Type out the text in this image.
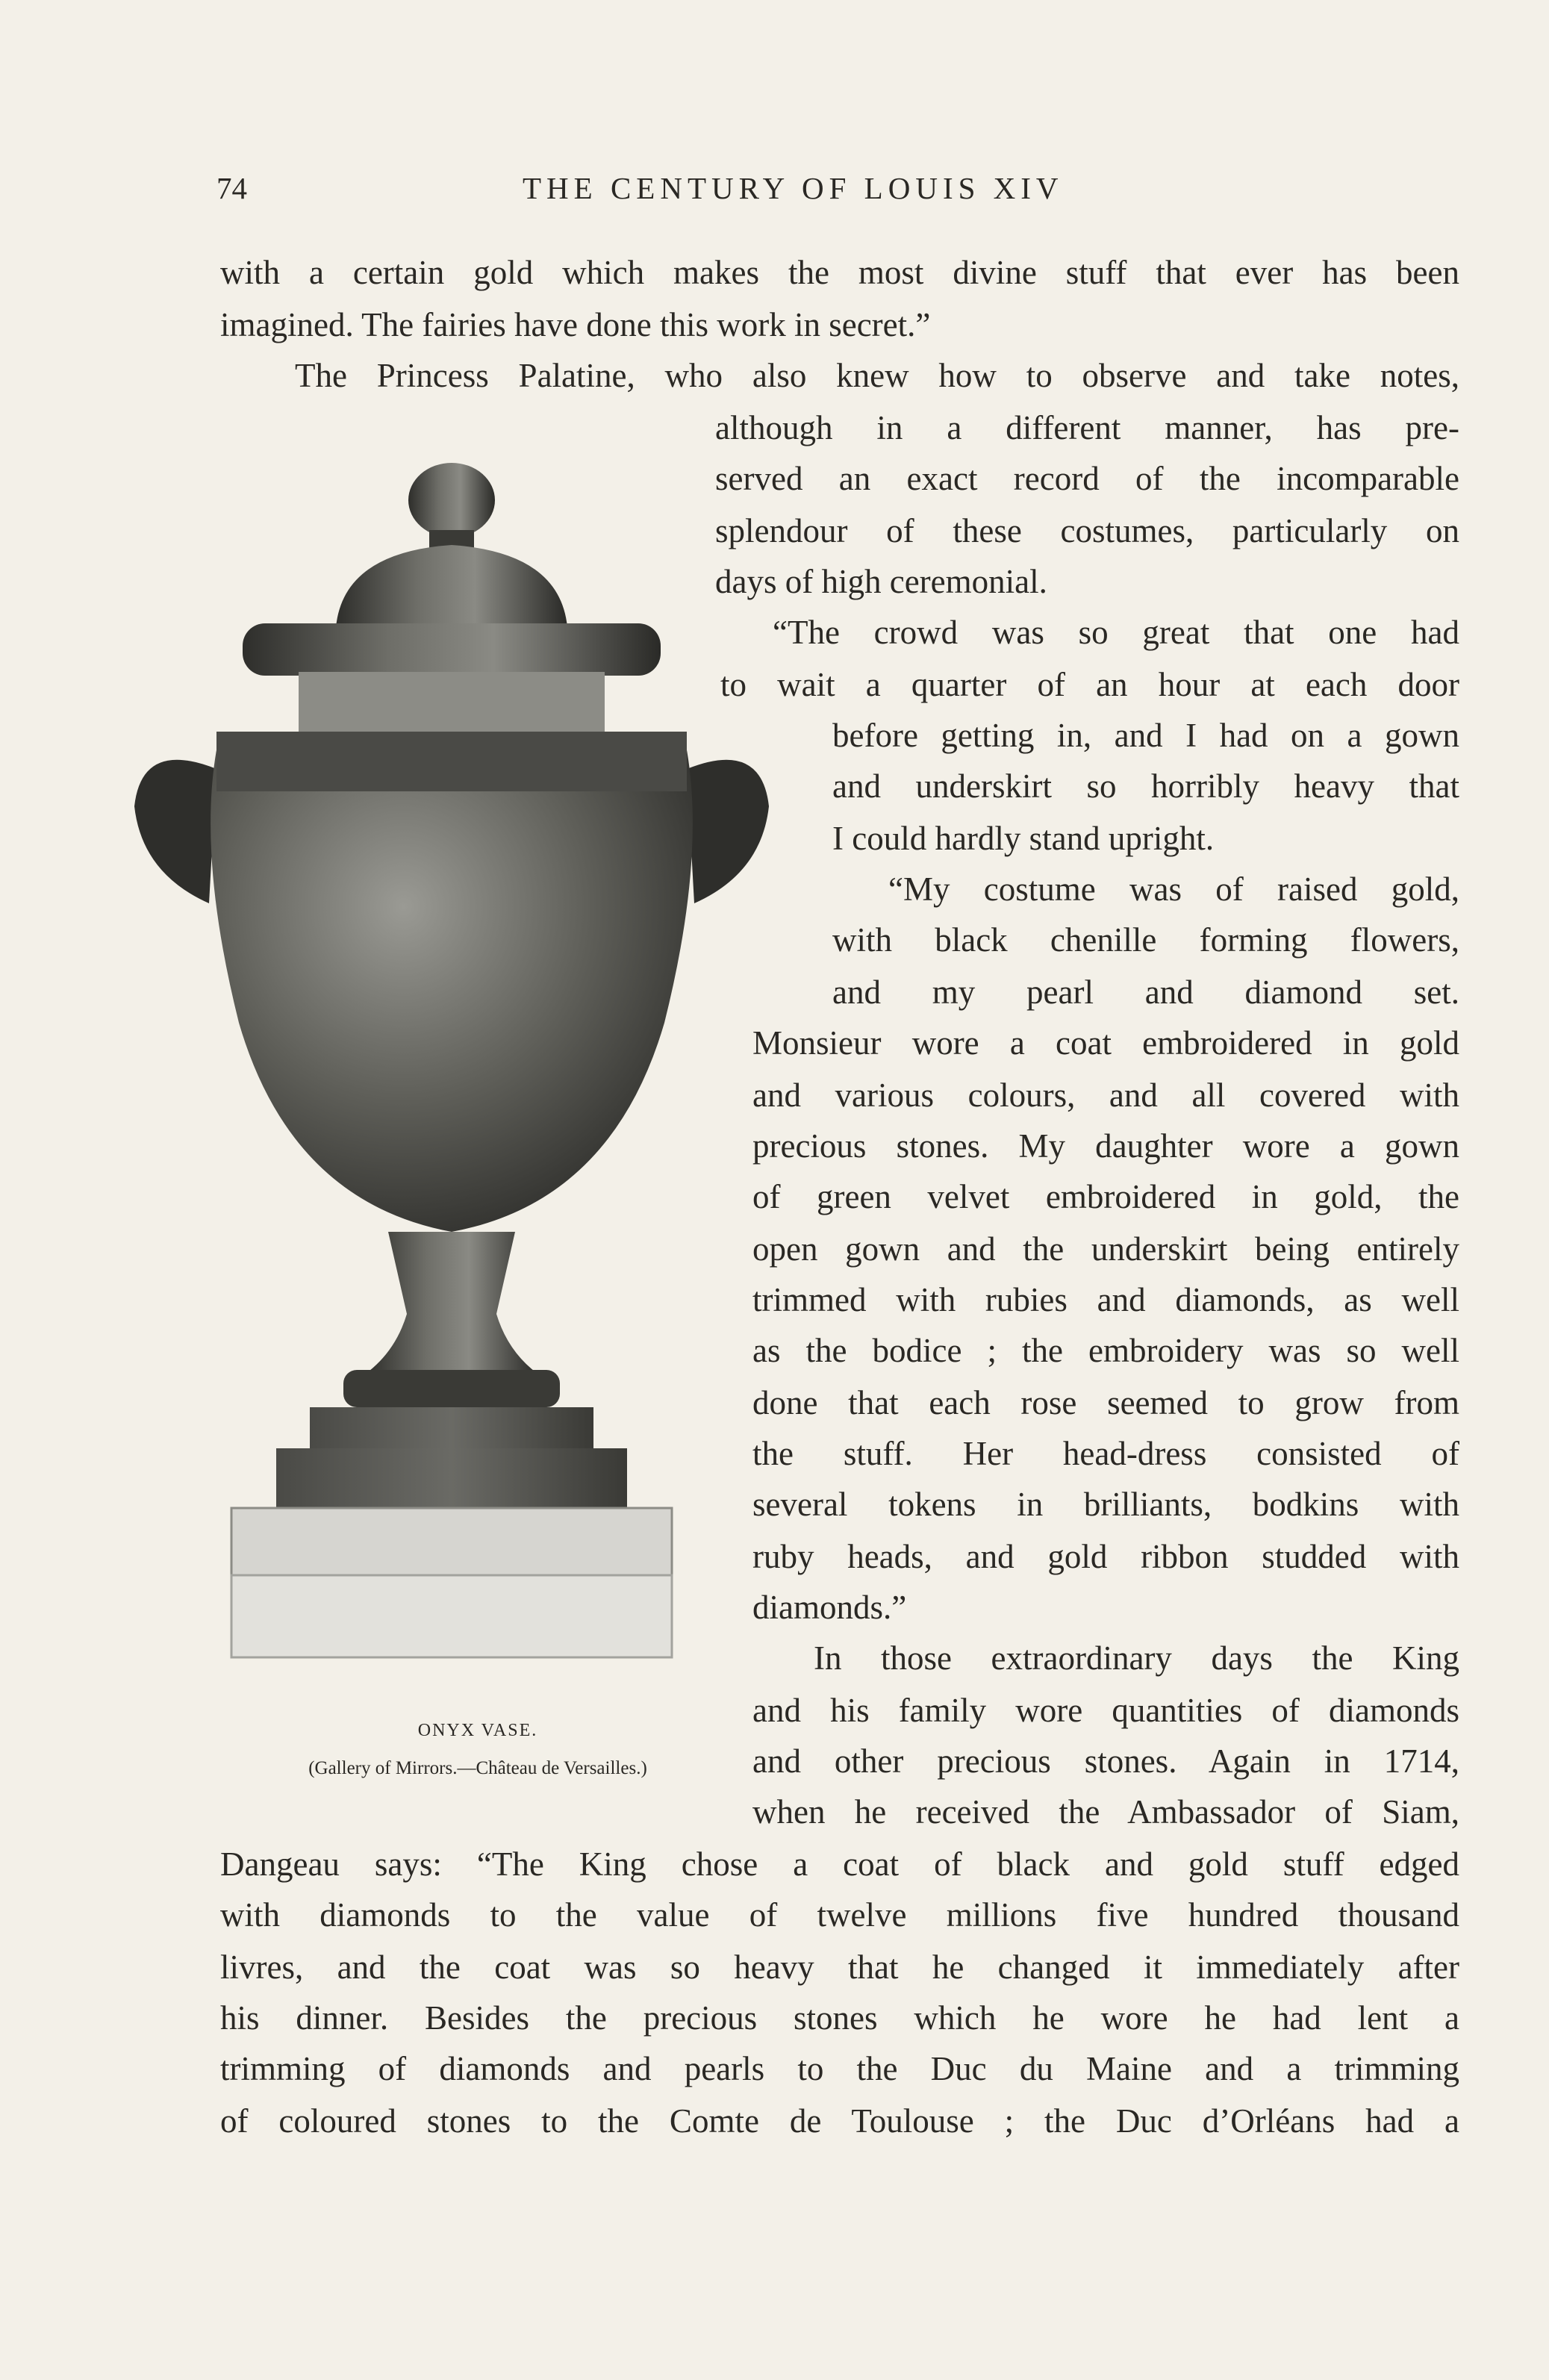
74	THE CENTURY OF LOUIS XIV
ONYX VASE.
(Gallery of Mirrors.—Château de Versailles.)
with a certain gold which makes the most divine stuff that ever has been
imagined. The fairies have done this work in secret.”
The Princess Palatine, who also knew how to observe and take notes,
although in a different manner, has pre-
served an exact record of the incomparable
splendour of these costumes, particularly on
days of high ceremonial.
“The crowd was so great that one had
to wait a quarter of an hour at each door
before getting in, and I had on a gown
and underskirt so horribly heavy that
I could hardly stand upright.
“My costume was of raised gold,
with black chenille forming flowers,
and my pearl and diamond set.
Monsieur wore a coat embroidered in gold
and various colours, and all covered with
precious stones. My daughter wore a gown
of green velvet embroidered in gold, the
open gown and the underskirt being entirely
trimmed with rubies and diamonds, as well
as the bodice ; the embroidery was so well
done that each rose seemed to grow from
the stuff. Her head-dress consisted of
several tokens in brilliants, bodkins with
ruby heads, and gold ribbon studded with
diamonds.”
In those extraordinary days the King
and his family wore quantities of diamonds
and other precious stones. Again in 1714,
when he received the Ambassador of Siam,
Dangeau says: “The King chose a coat of black and gold stuff edged
with diamonds to the value of twelve millions five hundred thousand
livres, and the coat was so heavy that he changed it immediately after
his dinner. Besides the precious stones which he wore he had lent a
trimming of diamonds and pearls to the Duc du Maine and a trimming
of coloured stones to the Comte de Toulouse ; the Duc d’Orléans had a
